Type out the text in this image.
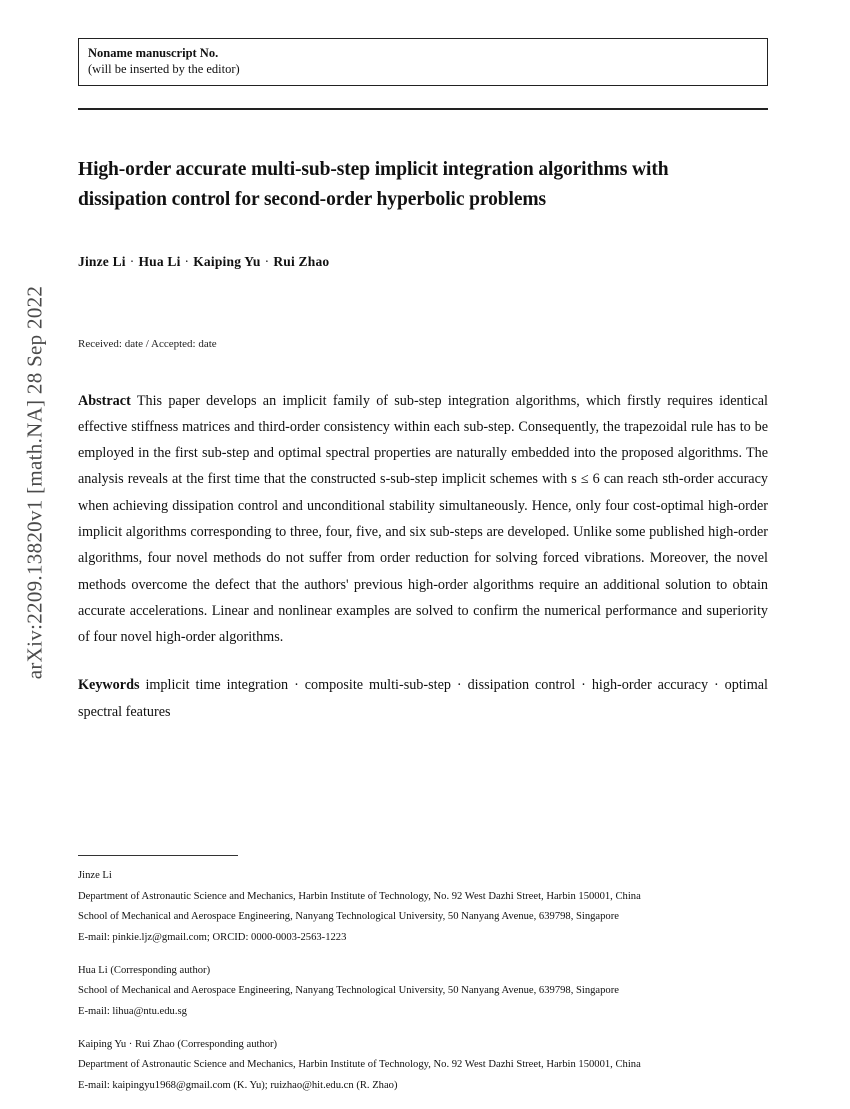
arXiv:2209.13820v1 [math.NA] 28 Sep 2022
Noname manuscript No.
(will be inserted by the editor)
High-order accurate multi-sub-step implicit integration algorithms with dissipation control for second-order hyperbolic problems
Jinze Li · Hua Li · Kaiping Yu · Rui Zhao
Received: date / Accepted: date
Abstract This paper develops an implicit family of sub-step integration algorithms, which firstly requires identical effective stiffness matrices and third-order consistency within each sub-step. Consequently, the trapezoidal rule has to be employed in the first sub-step and optimal spectral properties are naturally embedded into the proposed algorithms. The analysis reveals at the first time that the constructed s-sub-step implicit schemes with s ≤ 6 can reach sth-order accuracy when achieving dissipation control and unconditional stability simultaneously. Hence, only four cost-optimal high-order implicit algorithms corresponding to three, four, five, and six sub-steps are developed. Unlike some published high-order algorithms, four novel methods do not suffer from order reduction for solving forced vibrations. Moreover, the novel methods overcome the defect that the authors' previous high-order algorithms require an additional solution to obtain accurate accelerations. Linear and nonlinear examples are solved to confirm the numerical performance and superiority of four novel high-order algorithms.
Keywords implicit time integration · composite multi-sub-step · dissipation control · high-order accuracy · optimal spectral features
Jinze Li
Department of Astronautic Science and Mechanics, Harbin Institute of Technology, No. 92 West Dazhi Street, Harbin 150001, China
School of Mechanical and Aerospace Engineering, Nanyang Technological University, 50 Nanyang Avenue, 639798, Singapore
E-mail: pinkie.ljz@gmail.com; ORCID: 0000-0003-2563-1223
Hua Li (Corresponding author)
School of Mechanical and Aerospace Engineering, Nanyang Technological University, 50 Nanyang Avenue, 639798, Singapore
E-mail: lihua@ntu.edu.sg
Kaiping Yu · Rui Zhao (Corresponding author)
Department of Astronautic Science and Mechanics, Harbin Institute of Technology, No. 92 West Dazhi Street, Harbin 150001, China
E-mail: kaipingyu1968@gmail.com (K. Yu); ruizhao@hit.edu.cn (R. Zhao)
